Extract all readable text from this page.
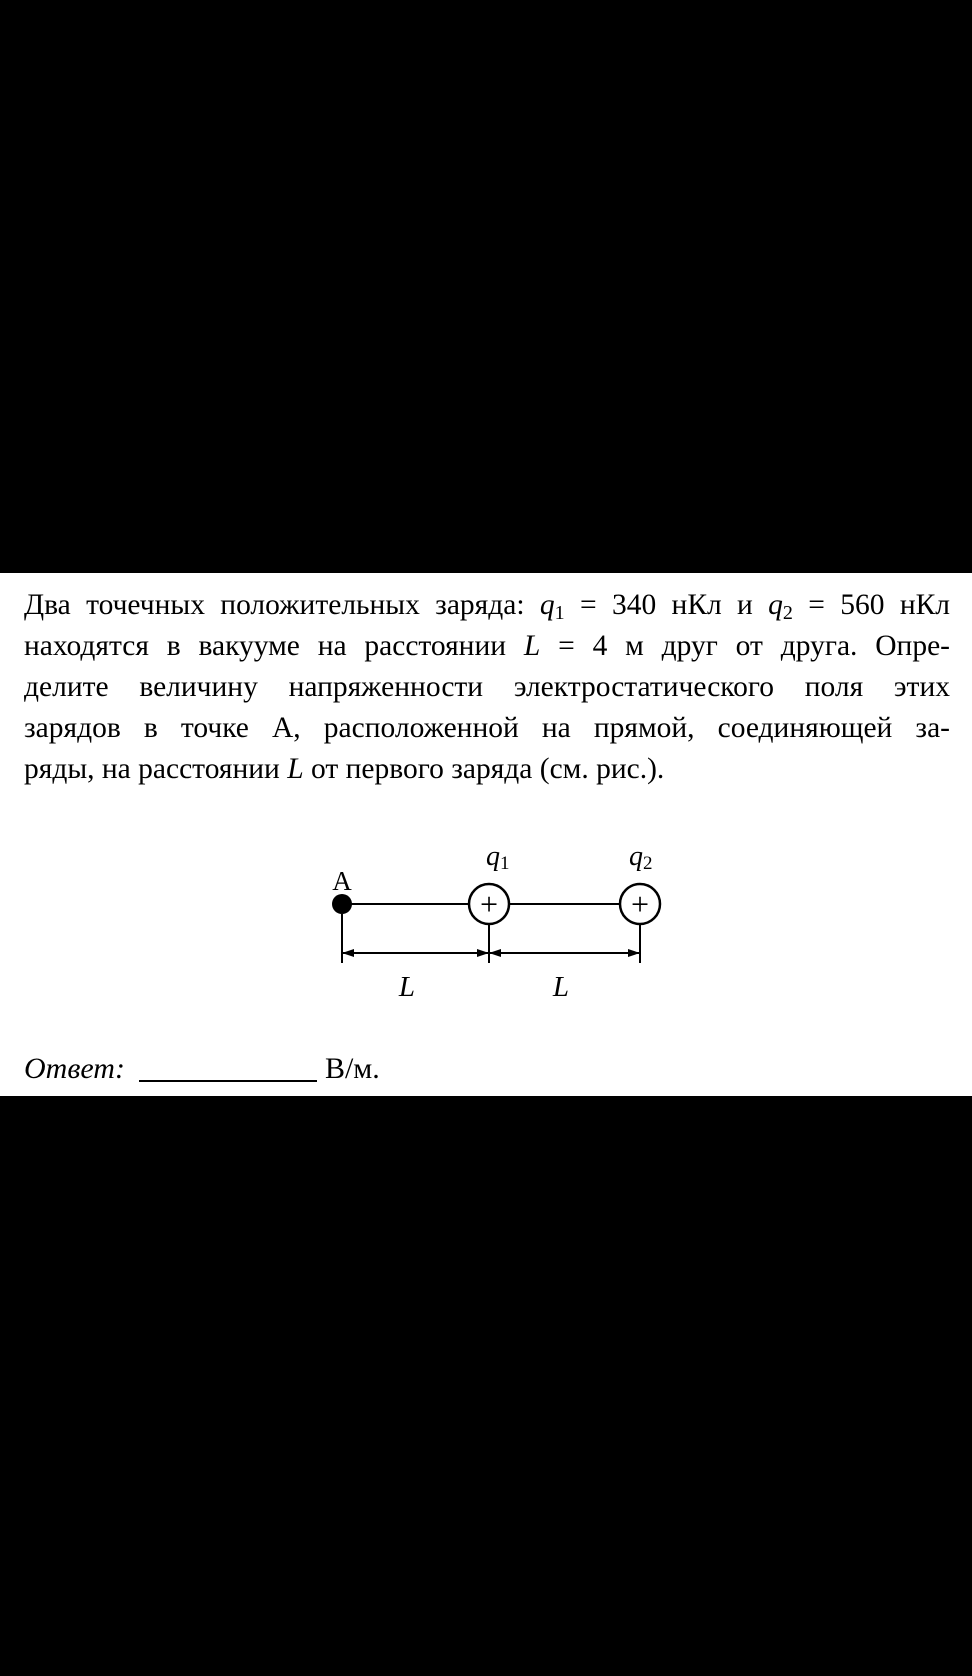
Два точечных положительных заряда: $q_1 = 340$ нКл и $q_2 = 560$ нКл
находятся в вакууме на расстоянии L = 4 м друг от друга. Опре-
делите величину напряженности электростатического поля этих
зарядов в точке А, расположенной на прямой, соединяющей за-
ряды, на расстоянии L от первого заряда (см. рис.).

A
+
q1
+
q2
L	L
Ответ:	В/м.
